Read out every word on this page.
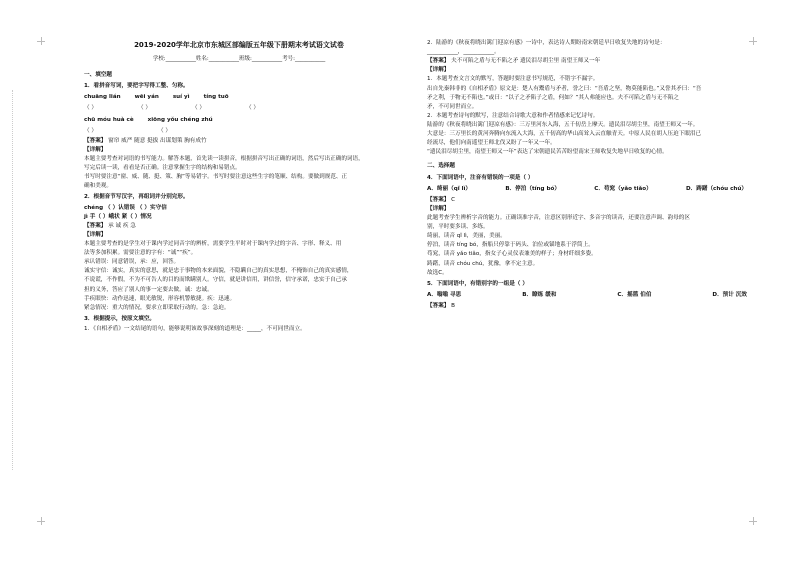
2019-2020学年北京市东城区部编版五年级下册期末考试语文试卷
学校:___________姓名:___________班级:___________考号:___________
一、填空题
1．看拼音写词，要把字写得工整、匀称。
chuāng lián	wēi yán	suí yì	tíng tuō
（ ）	（ ）	（ ）	（ ）
chū móu huà cè	xiōng yǒu chéng zhú
（ ）	（ ）
【答案】 窗帘 威严 随意 挺拔 出谋划策 胸有成竹
【详解】
本题主要考查对词语的书写能力。解答本题，首先读一读拼音，根据拼音写出正确的词语，然后写出正确的词语，
写完后读一读，看看是否正确。注意掌握生字的结构和易错点。
书写时要注意“窗、威、随、挺、策、胸”等易错字。书写时要注意这些生字的笔顺、结构。要做到规范、正
确和美观。
2．根据音节写汉字，再组词并分别完形。
chéng （ ）认错误 （ ）实守信
jì 手（ ）峨状 紧（ ）情况
【答案】 承 诚 疾 急
【详解】
本题主要考查的是学生对于课内学过同音字的辨析，需要学生平时对于课内学过的字音、字形、释义、用
法等多加积累。需要注意的字有：“诚”“疾”。
承认错误：同意错误，承：应，回答。
诚实守信：诚实，真实的意思，就是忠于事物的本来面貌，不隐瞒自己的真实思想，不掩饰自己的真实感情，
不说谎，不作假，不为不可告人的目的而欺瞒别人。守信，就是讲信用，讲信誉，信守承诺，忠实于自己承
担的义务，答应了别人的事一定要去做。诚：忠诚。
手疾眼快：动作迅速，眼光敏锐，形容机警敏捷。疾：迅速。
紧急情况：重大的情况，要求立即采取行动的。急：急迫。
3．根据提示，按原文填空。
1．《自相矛盾》一文结尾的语句，能够说明该故事深刻的道理是：_____，不可同世而立。
2．陆游的《秋夜将晓出篱门迎凉有感》一诗中，表达诗人期盼南宋朝廷早日收复失地的诗句是：
___________，___________。
【答案】 夫不可陷之盾与无不陷之矛 遗民泪尽胡尘里 南望王师又一年
【详解】
1．本题考查文言文的默写，答题时要注意书写规范，不错字不漏字。
出自先秦韩非的《自相矛盾》原文是：楚人有鬻盾与矛者，誉之曰：“吾盾之坚，物莫能陷也。”又誉其矛曰：“吾
矛之利，于物无不陷也。”或曰：“以子之矛陷子之盾，何如？”其人弗能应也。夫不可陷之盾与无不陷之
矛，不可同世而立。
2．本题考查诗句的默写，注意结合诗歌大意和作者情感来记忆诗句。
陆游的《秋夜将晓出篱门迎凉有感》：三万里河东入海，五千仞岳上摩天。遗民泪尽胡尘里，南望王师又一年。
大意是：三万里长的黄河奔腾向东流入大海，五千仞高的华山高耸入云直触青天。中原人民在胡人压迫下眼泪已
经流尽，他们向南遥望王师北伐又盼了一年又一年。
“遗民泪尽胡尘里，南望王师又一年”表达了宋朝遗民苦苦盼望南宋王师收复失地早日收复的心情。
二、选择题
4．下面词语中，注音有错误的一项是（ ）
A．绮丽（qǐ lì）	B．停泊（tíng bó）	C．苟窕（yǎo tiǎo）	D．踌躇（chóu chú）
【答案】 C
【详解】
此题考查学生辨析字音的能力。正确读准字音，注意区别形近字、多音字的读音，还要注意声调、韵母的区
别，平时要多读、多练。
绮丽，读音 qǐ lì，美丽，美丽。
停泊，读音 tíng bó，指船只停靠于码头、泊位或锚地系于浮筒上。
苟窕，读音 yǎo tiǎo，指女子心灵仪表兼美的样子；身材纤细多姿。
踌躇，读音 chóu chú，犹豫，拿不定主意。
故选C。
5．下面词语中，有错别字的一组是（ ）
A．嗡嗡 寻思	B．瞭练 缓和	C．摇篮 伯伯	D．预计 沉效
【答案】 B
